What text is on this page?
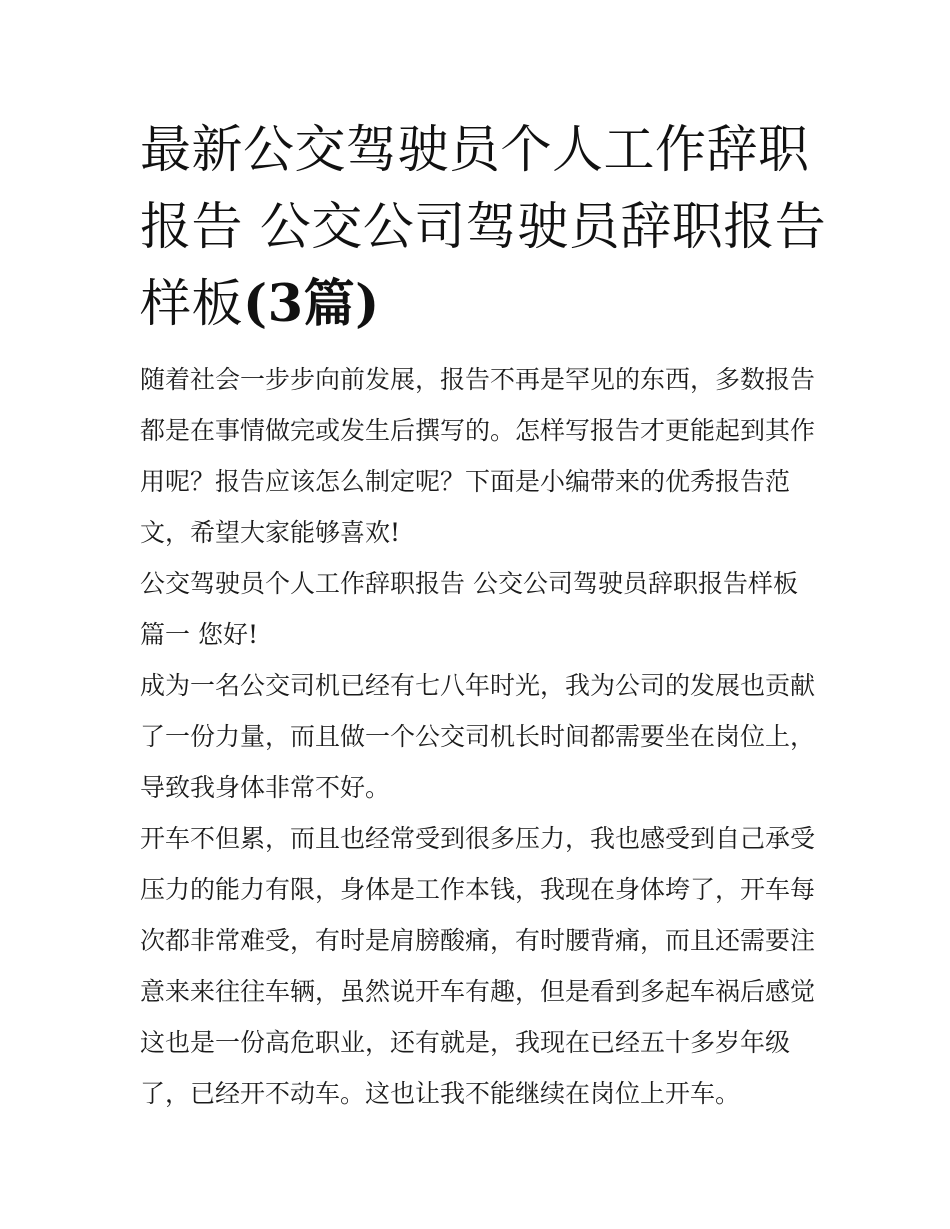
最新公交驾驶员个人工作辞职
报告 公交公司驾驶员辞职报告
样板(3篇)
随着社会一步步向前发展，报告不再是罕见的东西，多数报告
都是在事情做完或发生后撰写的。怎样写报告才更能起到其作
用呢？报告应该怎么制定呢？下面是小编带来的优秀报告范
文，希望大家能够喜欢!
公交驾驶员个人工作辞职报告 公交公司驾驶员辞职报告样板
篇一 您好!
成为一名公交司机已经有七八年时光，我为公司的发展也贡献
了一份力量，而且做一个公交司机长时间都需要坐在岗位上，
导致我身体非常不好。
开车不但累，而且也经常受到很多压力，我也感受到自己承受
压力的能力有限，身体是工作本钱，我现在身体垮了，开车每
次都非常难受，有时是肩膀酸痛，有时腰背痛，而且还需要注
意来来往往车辆，虽然说开车有趣，但是看到多起车祸后感觉
这也是一份高危职业，还有就是，我现在已经五十多岁年级
了，已经开不动车。这也让我不能继续在岗位上开车。
